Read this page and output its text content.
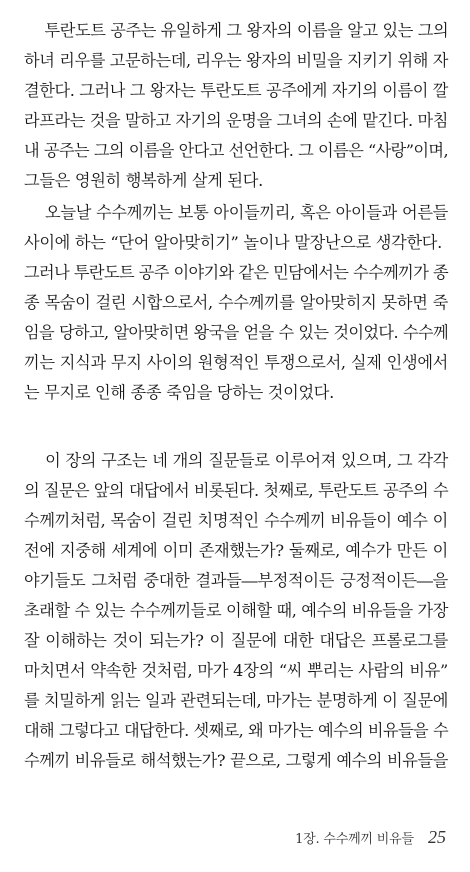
　 투란도트 공주는 유일하게 그 왕자의 이름을 알고 있는 그의
하녀 리우를 고문하는데, 리우는 왕자의 비밀을 지키기 위해 자
결한다. 그러나 그 왕자는 투란도트 공주에게 자기의 이름이 깔
라프라는 것을 말하고 자기의 운명을 그녀의 손에 맡긴다. 마침
내 공주는 그의 이름을 안다고 선언한다. 그 이름은 “사랑”이며,
그들은 영원히 행복하게 살게 된다.
　 오늘날 수수께끼는 보통 아이들끼리, 혹은 아이들과 어른들
사이에 하는 “단어 알아맞히기” 놀이나 말장난으로 생각한다.
그러나 투란도트 공주 이야기와 같은 민담에서는 수수께끼가 종
종 목숨이 걸린 시합으로서, 수수께끼를 알아맞히지 못하면 죽
임을 당하고, 알아맞히면 왕국을 얻을 수 있는 것이었다. 수수께
끼는 지식과 무지 사이의 원형적인 투쟁으로서, 실제 인생에서
는 무지로 인해 종종 죽임을 당하는 것이었다.
　 이 장의 구조는 네 개의 질문들로 이루어져 있으며, 그 각각
의 질문은 앞의 대답에서 비롯된다. 첫째로, 투란도트 공주의 수
수께끼처럼, 목숨이 걸린 치명적인 수수께끼 비유들이 예수 이
전에 지중해 세계에 이미 존재했는가? 둘째로, 예수가 만든 이
야기들도 그처럼 중대한 결과들―부정적이든 긍정적이든―을
초래할 수 있는 수수께끼들로 이해할 때, 예수의 비유들을 가장
잘 이해하는 것이 되는가? 이 질문에 대한 대답은 프롤로그를
마치면서 약속한 것처럼, 마가 4장의 “씨 뿌리는 사람의 비유”
를 치밀하게 읽는 일과 관련되는데, 마가는 분명하게 이 질문에
대해 그렇다고 대답한다. 셋째로, 왜 마가는 예수의 비유들을 수
수께끼 비유들로 해석했는가? 끝으로, 그렇게 예수의 비유들을
1장. 수수께끼 비유들 25
